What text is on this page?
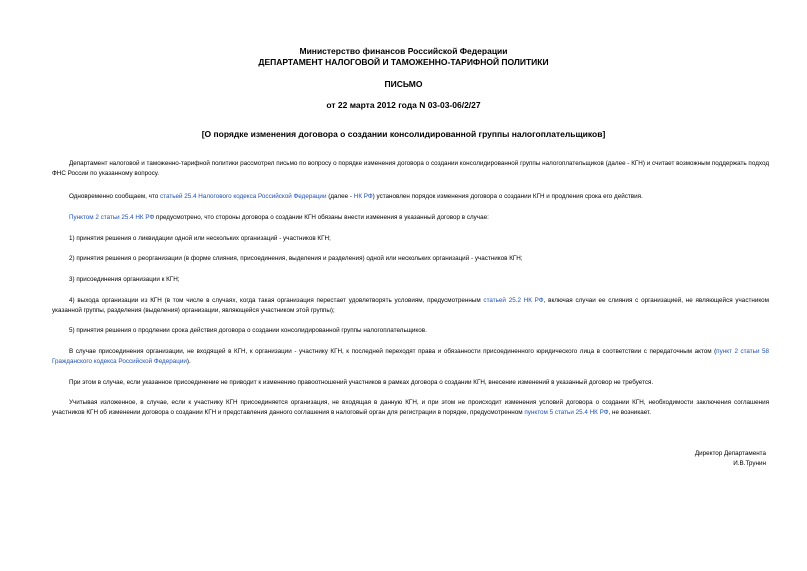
Министерство финансов Российской Федерации
ДЕПАРТАМЕНТ НАЛОГОВОЙ И ТАМОЖЕННО-ТАРИФНОЙ ПОЛИТИКИ
ПИСЬМО
от 22 марта 2012 года N 03-03-06/2/27
[О порядке изменения договора о создании консолидированной группы налогоплательщиков]
Департамент налоговой и таможенно-тарифной политики рассмотрел письмо по вопросу о порядке изменения договора о создании консолидированной группы налогоплательщиков (далее - КГН) и считает возможным поддержать подход ФНС России по указанному вопросу.
Одновременно сообщаем, что статьей 25.4 Налогового кодекса Российской Федерации (далее - НК РФ) установлен порядок изменения договора о создании КГН и продления срока его действия.
Пунктом 2 статьи 25.4 НК РФ предусмотрено, что стороны договора о создании КГН обязаны внести изменения в указанный договор в случае:
1) принятия решения о ликвидации одной или нескольких организаций - участников КГН;
2) принятия решения о реорганизации (в форме слияния, присоединения, выделения и разделения) одной или нескольких организаций - участников КГН;
3) присоединения организации к КГН;
4) выхода организации из КГН (в том числе в случаях, когда такая организация перестает удовлетворять условиям, предусмотренным статьей 25.2 НК РФ, включая случаи ее слияния с организацией, не являющейся участником указанной группы, разделения (выделения) организации, являющейся участником этой группы);
5) принятия решения о продлении срока действия договора о создании консолидированной группы налогоплательщиков.
В случае присоединения организации, не входящей в КГН, к организации - участнику КГН, к последней переходят права и обязанности присоединенного юридического лица в соответствии с передаточным актом (пункт 2 статьи 58 Гражданского кодекса Российской Федерации).
При этом в случае, если указанное присоединение не приводит к изменению правоотношений участников в рамках договора о создании КГН, внесение изменений в указанный договор не требуется.
Учитывая изложенное, в случае, если к участнику КГН присоединяется организация, не входящая в данную КГН, и при этом не происходит изменения условий договора о создании КГН, необходимости заключения соглашения участников КГН об изменении договора о создании КГН и представления данного соглашения в налоговый орган для регистрации в порядке, предусмотренном пунктом 5 статьи 25.4 НК РФ, не возникает.
Директор Департамента
И.В.Трунин
